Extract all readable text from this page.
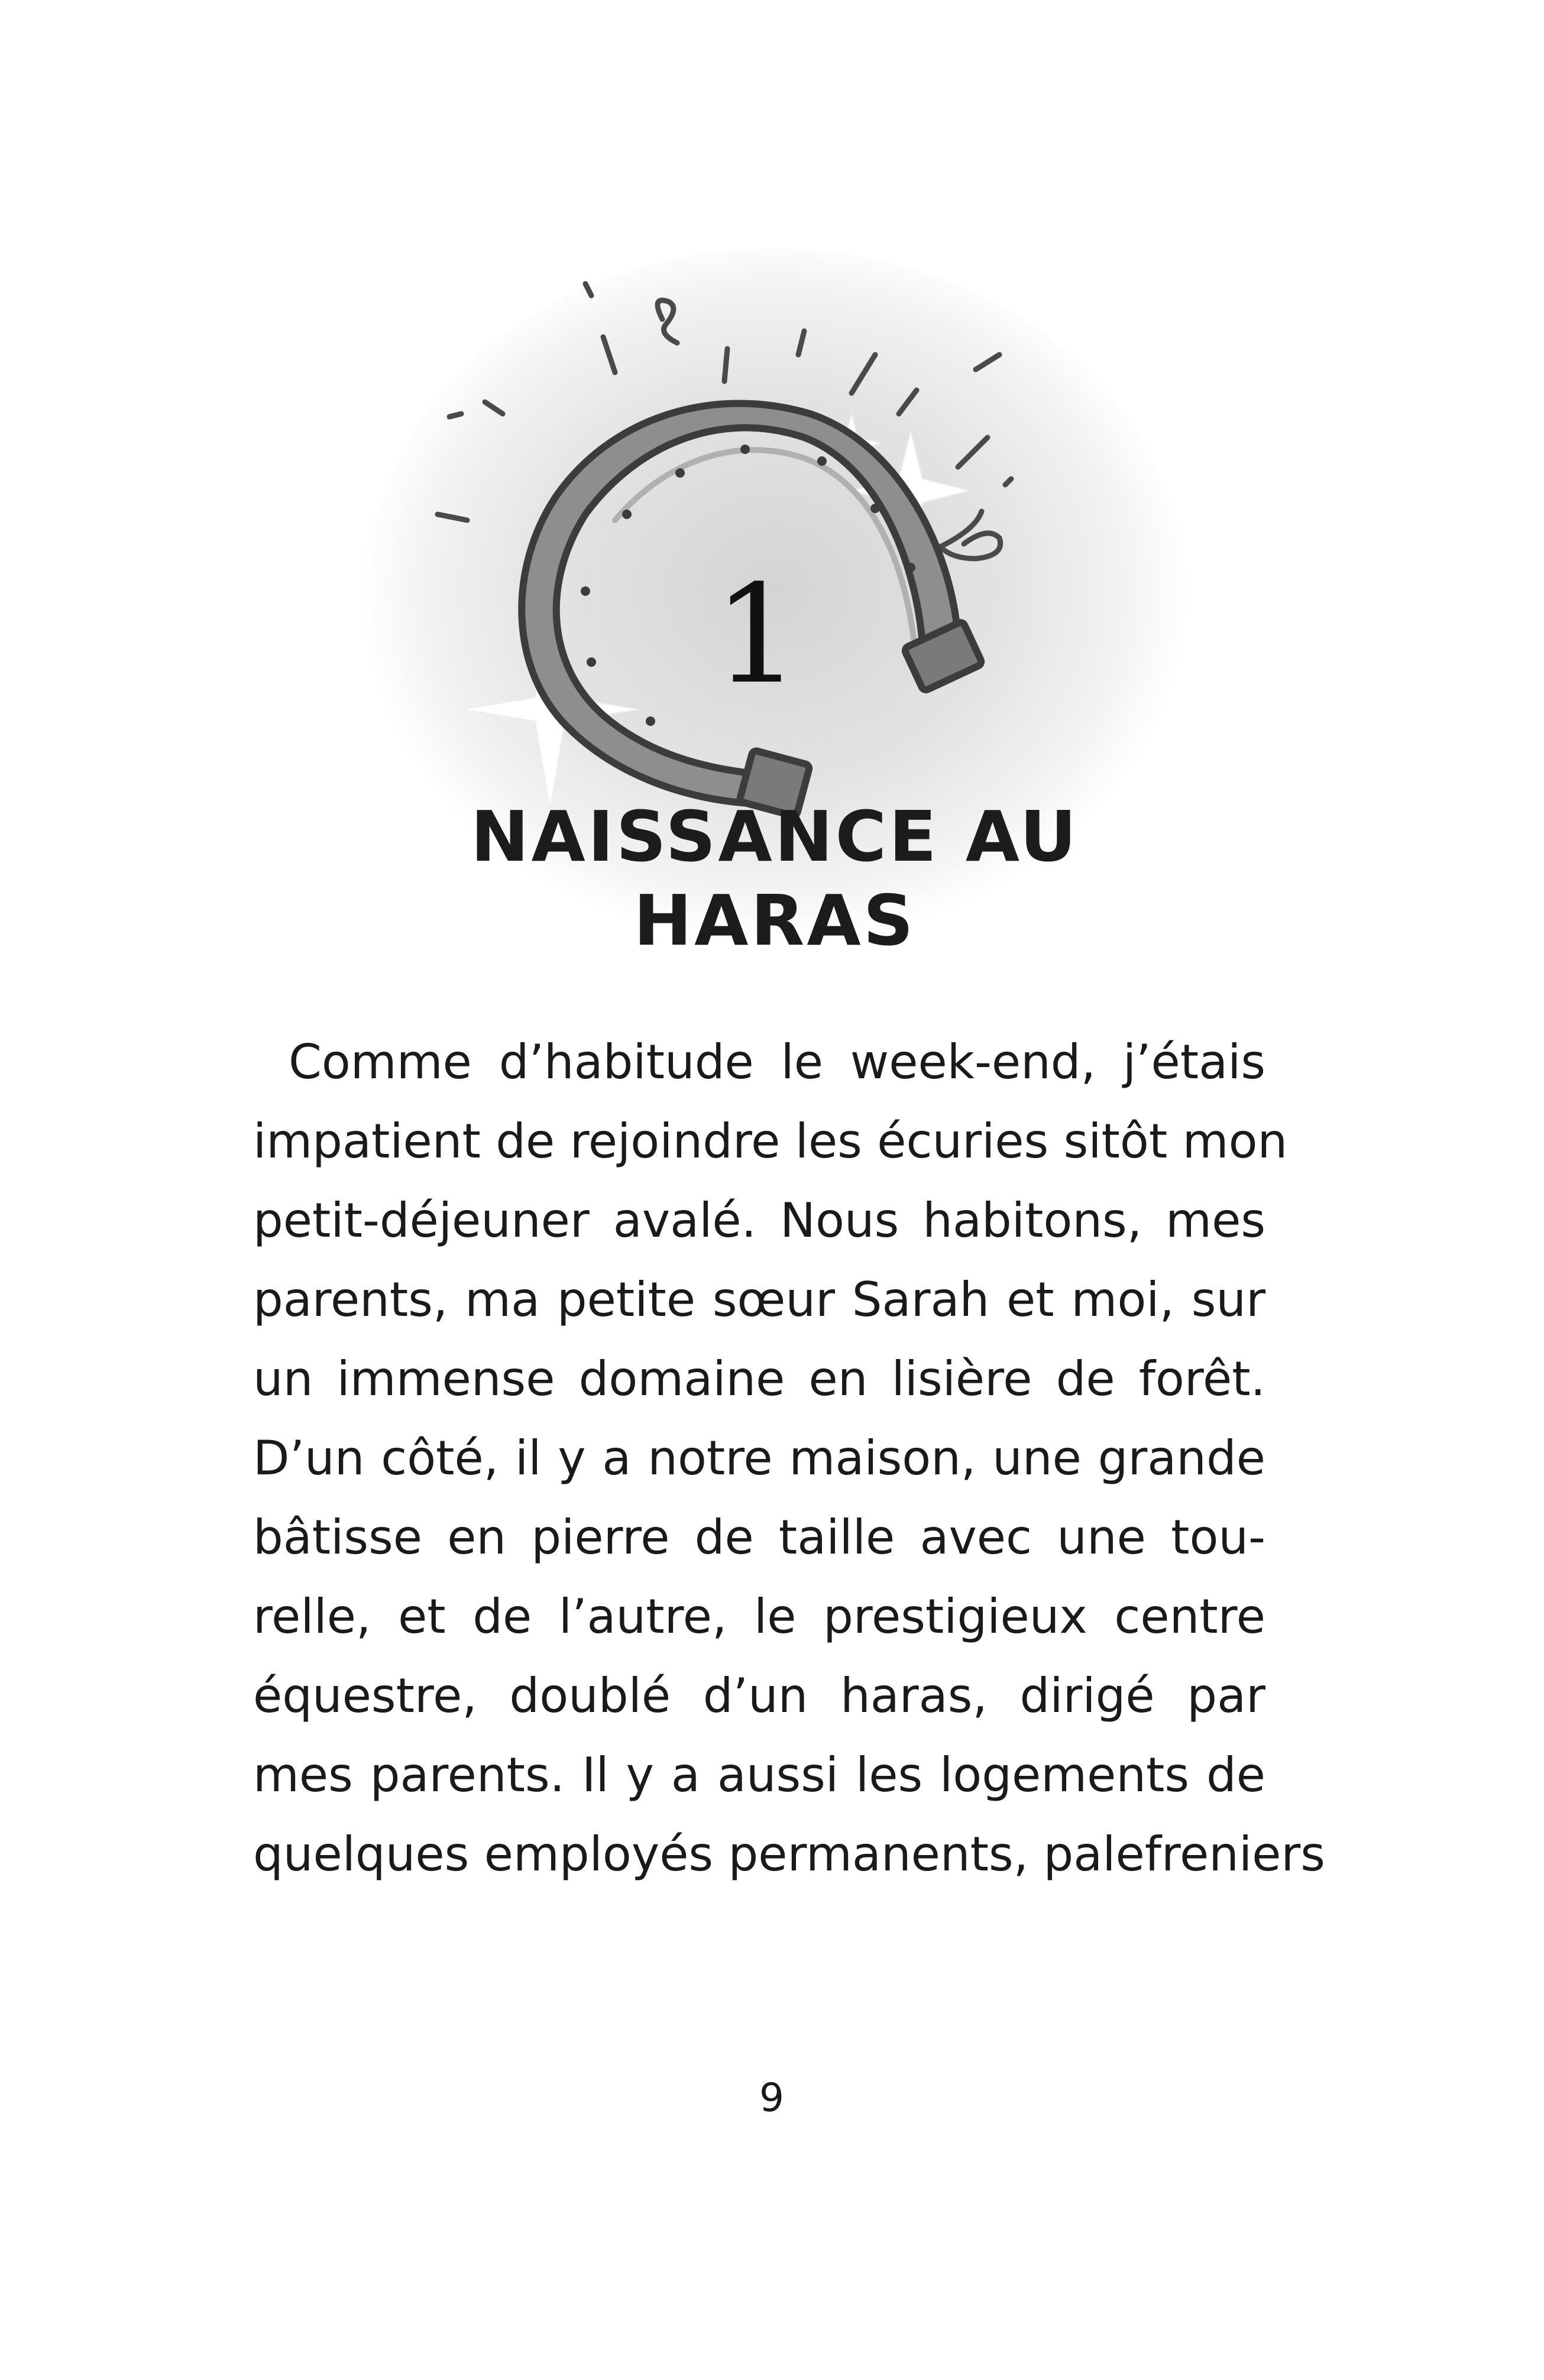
1
NAISSANCE AU HARAS
Comme d’habitude le week-end, j’étais
impatient de rejoindre les écuries sitôt mon
petit-déjeuner avalé. Nous habitons, mes
parents, ma petite sœur Sarah et moi, sur
un immense domaine en lisière de forêt.
D’un côté, il y a notre maison, une grande
bâtisse en pierre de taille avec une tou-
relle, et de l’autre, le prestigieux centre
équestre, doublé d’un haras, dirigé par
mes parents. Il y a aussi les logements de
quelques employés permanents, palefreniers
9
